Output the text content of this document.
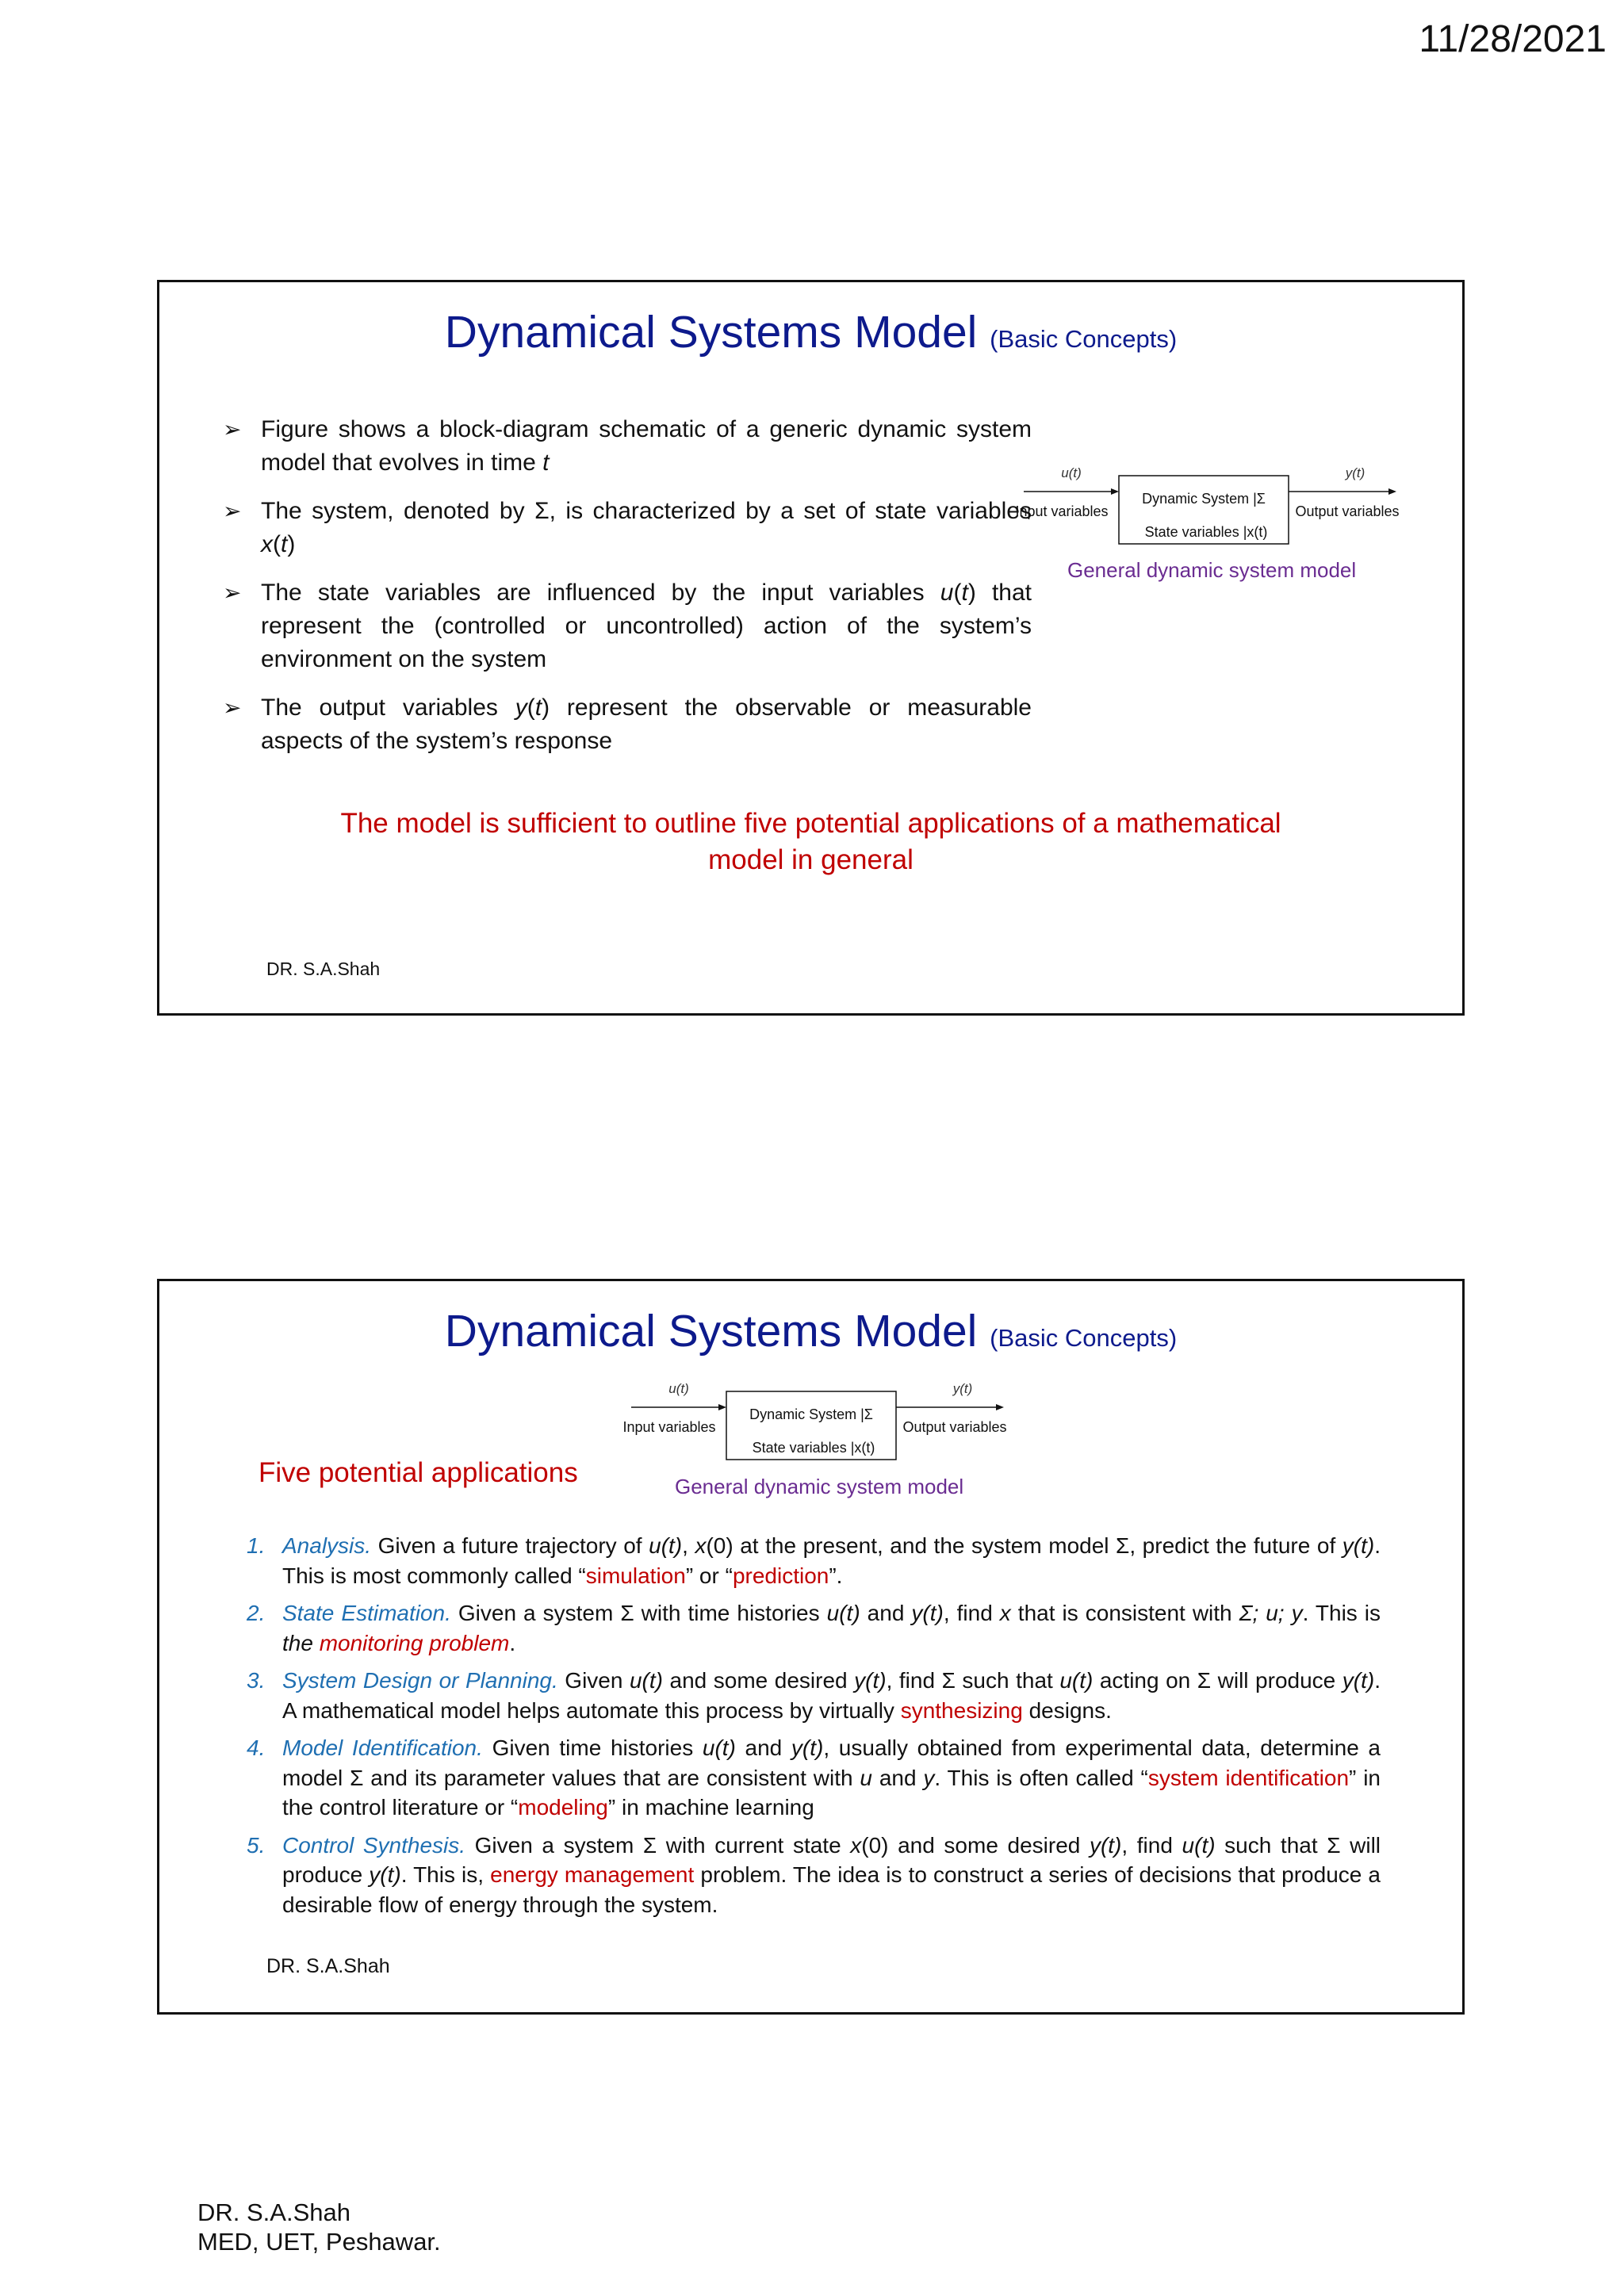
11/28/2021
Dynamical Systems Model (Basic Concepts)
➢ Figure shows a block-diagram schematic of a generic dynamic system model that evolves in time t
➢ The system, denoted by Σ, is characterized by a set of state variables x(t)
➢ The state variables are influenced by the input variables u(t) that represent the (controlled or uncontrolled) action of the system’s environment on the system
➢ The output variables y(t) represent the observable or measurable aspects of the system’s response
u(t)
Input variables
Dynamic System |Σ
State variables |x(t)
y(t)
Output variables
General dynamic system model
The model is sufficient to outline five potential applications of a mathematical model in general
DR. S.A.Shah
Dynamical Systems Model (Basic Concepts)
u(t)
Input variables
Dynamic System |Σ
State variables |x(t)
y(t)
Output variables
General dynamic system model
Five potential applications
1. Analysis. Given a future trajectory of u(t), x(0) at the present, and the system model Σ, predict the future of y(t). This is most commonly called “simulation” or “prediction”.
2. State Estimation. Given a system Σ with time histories u(t) and y(t), find x that is consistent with Σ; u; y. This is the monitoring problem.
3. System Design or Planning. Given u(t) and some desired y(t), find Σ such that u(t) acting on Σ will produce y(t). A mathematical model helps automate this process by virtually synthesizing designs.
4. Model Identification. Given time histories u(t) and y(t), usually obtained from experimental data, determine a model Σ and its parameter values that are consistent with u and y. This is often called “system identification” in the control literature or “modeling” in machine learning
5. Control Synthesis. Given a system Σ with current state x(0) and some desired y(t), find u(t) such that Σ will produce y(t). This is, energy management problem. The idea is to construct a series of decisions that produce a desirable flow of energy through the system.
DR. S.A.Shah
DR. S.A.Shah
MED, UET, Peshawar.
